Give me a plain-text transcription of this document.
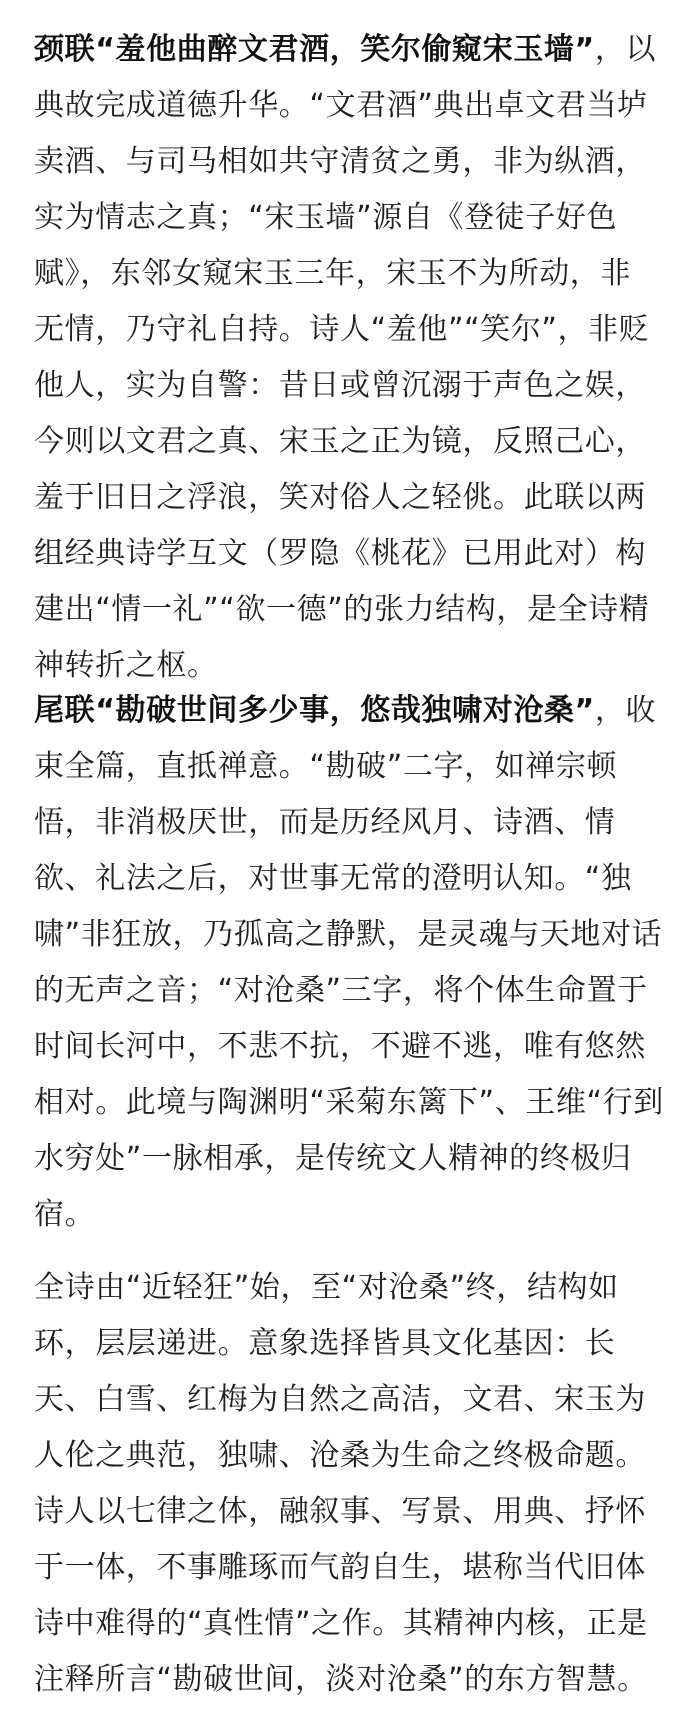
颈联“羞他曲醉文君酒，笑尔偷窥宋玉墙”，以
典故完成道德升华。“文君酒”典出卓文君当垆
卖酒、与司马相如共守清贫之勇，非为纵酒，
实为情志之真；“宋玉墙”源自《登徒子好色
赋》，东邻女窥宋玉三年，宋玉不为所动，非
无情，乃守礼自持。诗人“羞他”“笑尔”，非贬
他人，实为自警：昔日或曾沉溺于声色之娱，
今则以文君之真、宋玉之正为镜，反照己心，
羞于旧日之浮浪，笑对俗人之轻佻。此联以两
组经典诗学互文（罗隐《桃花》已用此对）构
建出“情一礼”“欲一德”的张力结构，是全诗精
神转折之枢。
尾联“勘破世间多少事，悠哉独啸对沧桑”，收
束全篇，直抵禅意。“勘破”二字，如禅宗顿
悟，非消极厌世，而是历经风月、诗酒、情
欲、礼法之后，对世事无常的澄明认知。“独
啸”非狂放，乃孤高之静默，是灵魂与天地对话
的无声之音；“对沧桑”三字，将个体生命置于
时间长河中，不悲不抗，不避不逃，唯有悠然
相对。此境与陶渊明“采菊东篱下”、王维“行到
水穷处”一脉相承，是传统文人精神的终极归
宿。
全诗由“近轻狂”始，至“对沧桑”终，结构如
环，层层递进。意象选择皆具文化基因：长
天、白雪、红梅为自然之高洁，文君、宋玉为
人伦之典范，独啸、沧桑为生命之终极命题。
诗人以七律之体，融叙事、写景、用典、抒怀
于一体，不事雕琢而气韵自生，堪称当代旧体
诗中难得的“真性情”之作。其精神内核，正是
注释所言“勘破世间，淡对沧桑”的东方智慧。
